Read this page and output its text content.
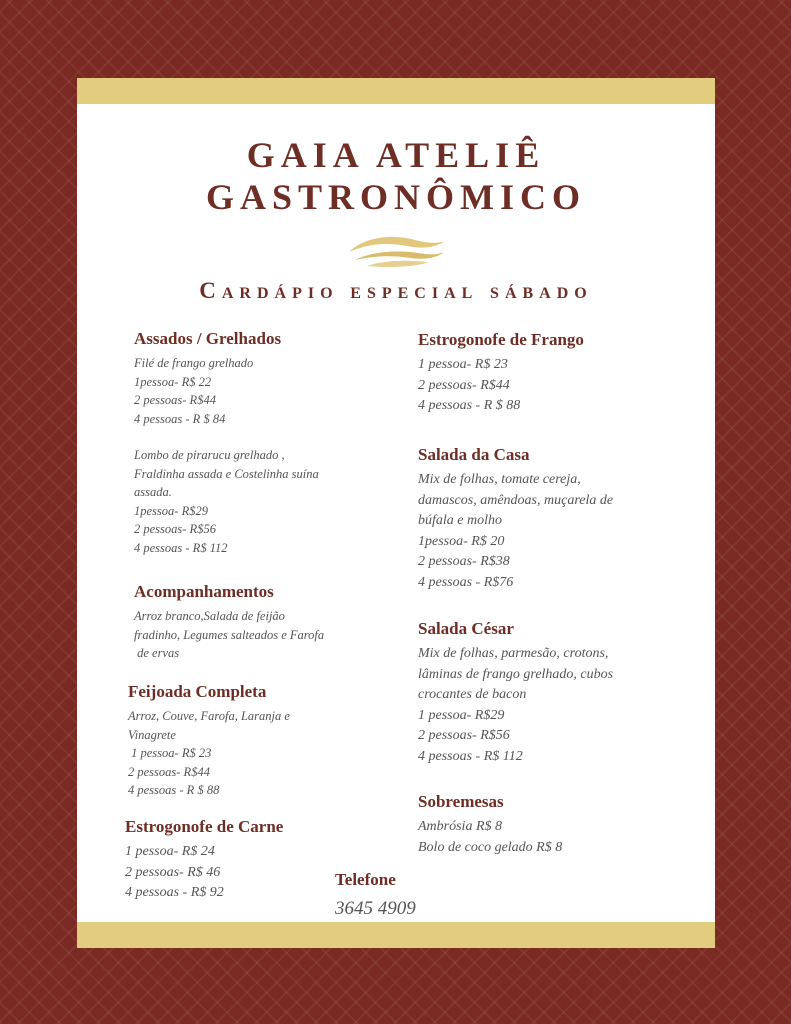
GAIA ATELIÊ
GASTRONÔMICO
Cardápio especial sábado
Assados / Grelhados
Filé de frango grelhado
1pessoa- R$ 22
2 pessoas- R$44
4 pessoas - R $ 84
Lombo de pirarucu grelhado ,
Fraldinha assada e Costelinha suína
assada.
1pessoa- R$29
2 pessoas- R$56
4 pessoas - R$ 112
Acompanhamentos
Arroz branco,Salada de feijão
fradinho, Legumes salteados e Farofa
de ervas
Feijoada Completa
Arroz, Couve, Farofa, Laranja e
Vinagrete
1 pessoa- R$ 23
2 pessoas- R$44
4 pessoas - R $ 88
Estrogonofe de Carne
1 pessoa- R$ 24
2 pessoas- R$ 46
4 pessoas - R$ 92
Estrogonofe de Frango
1 pessoa- R$ 23
2 pessoas- R$44
4 pessoas - R $ 88
Salada da Casa
Mix de folhas, tomate cereja,
damascos, amêndoas, muçarela de
búfala e molho
1pessoa- R$ 20
2 pessoas- R$38
4 pessoas - R$76
Salada César
Mix de folhas, parmesão, crotons,
lâminas de frango grelhado, cubos
crocantes de bacon
1 pessoa- R$29
2 pessoas- R$56
4 pessoas - R$ 112
Sobremesas
Ambrósia R$ 8
Bolo de coco gelado R$ 8
Telefone
3645 4909
